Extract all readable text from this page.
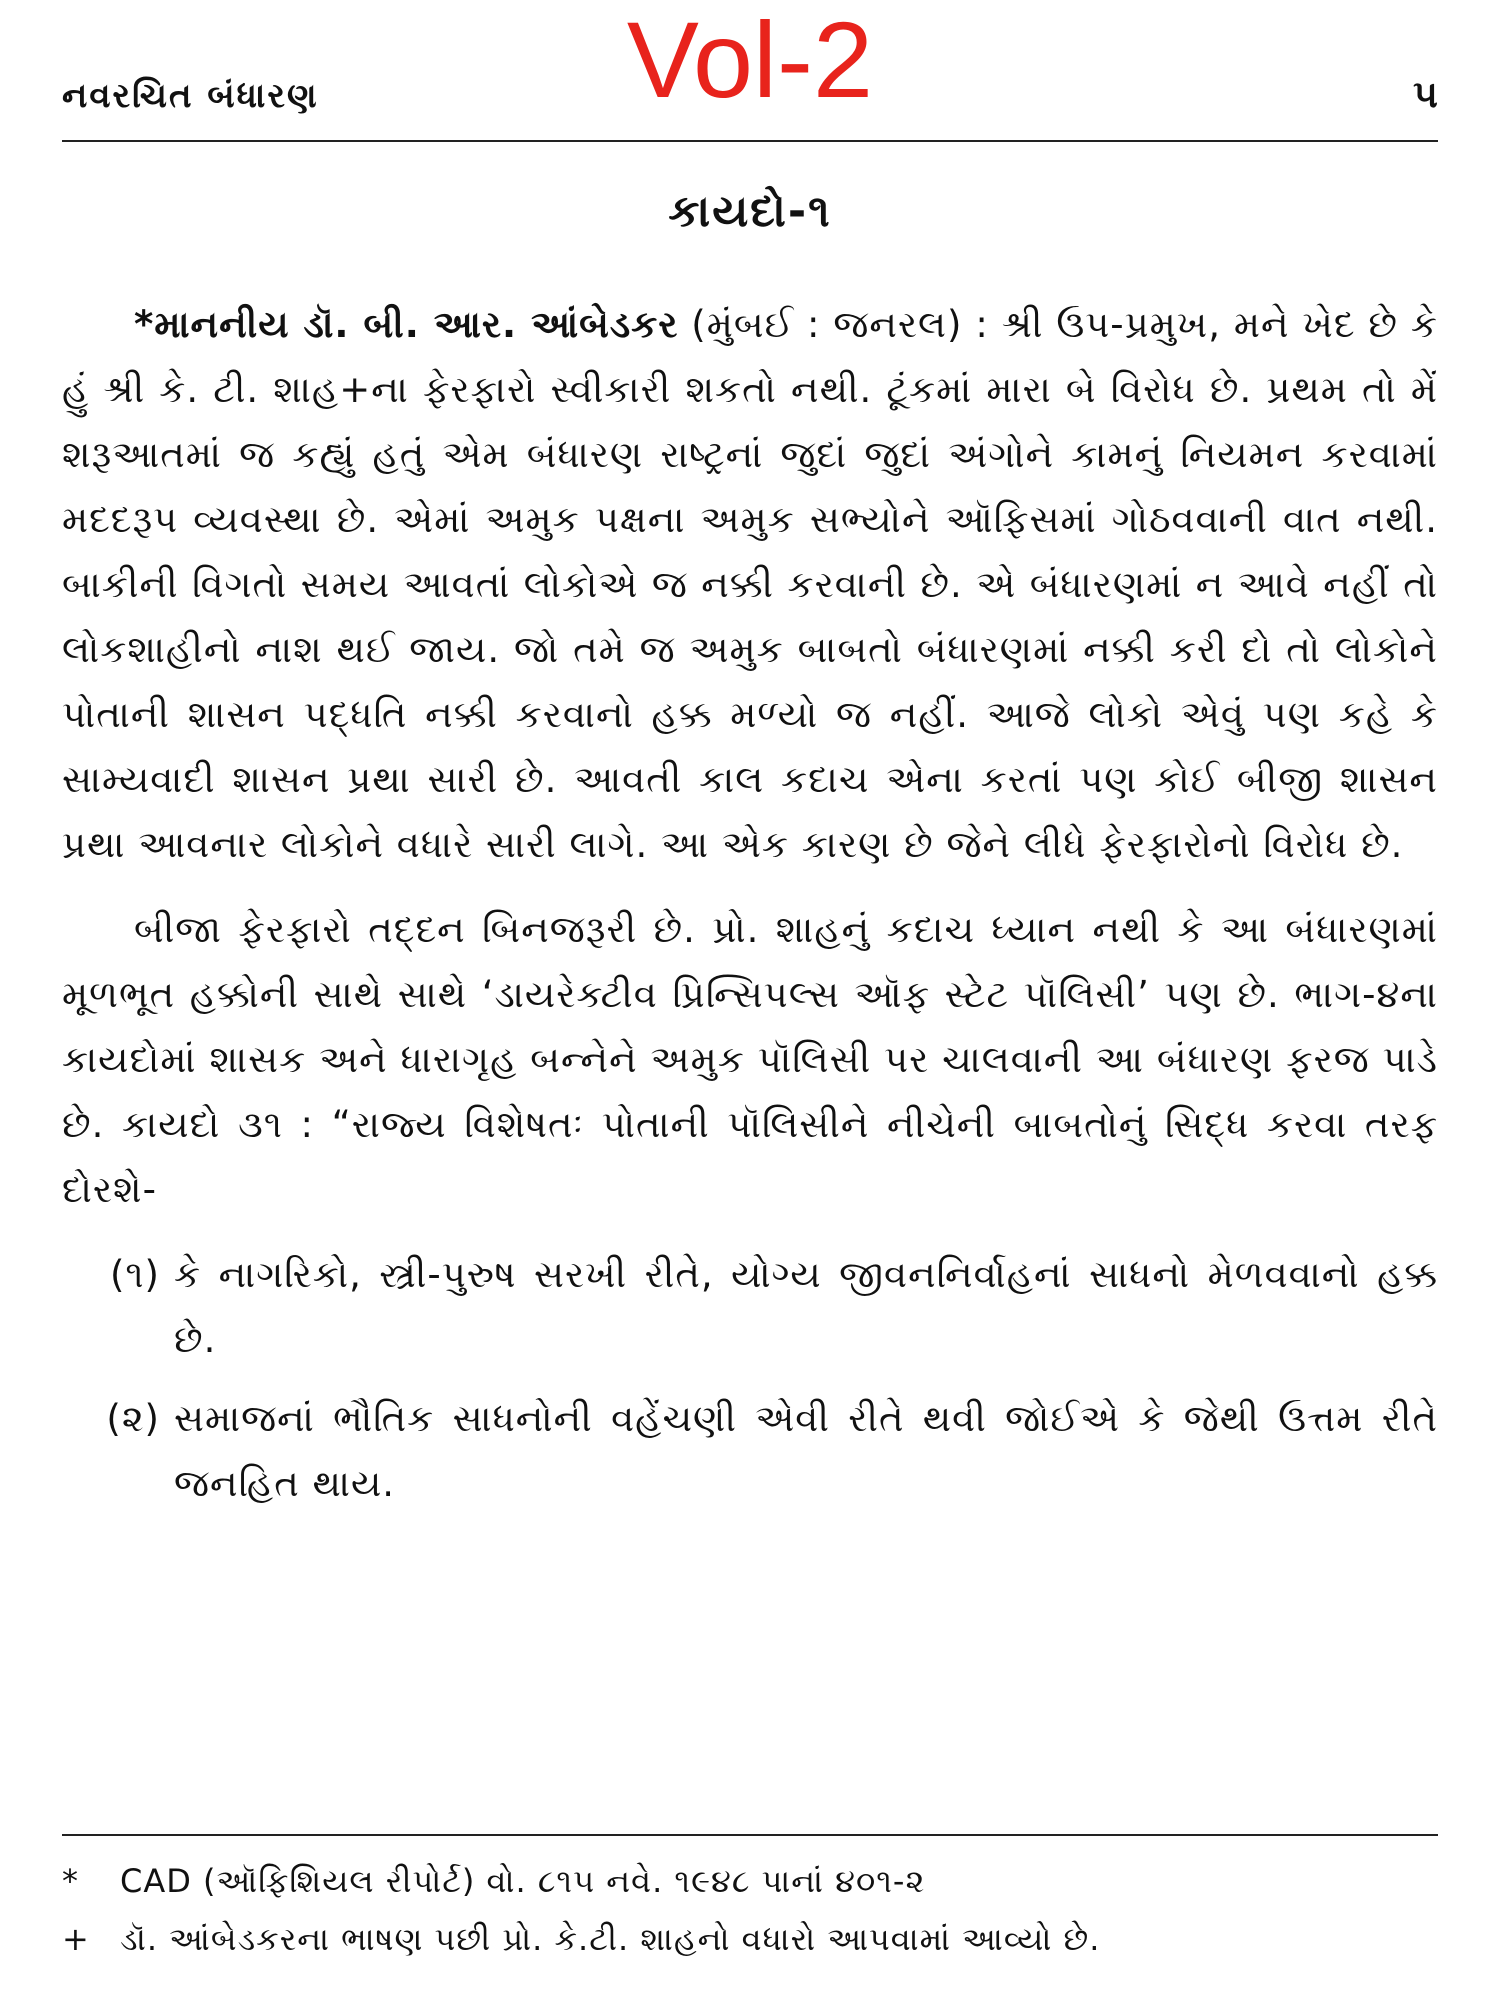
Vol-2
નવરચિત બંધારણ	૫
કાયદો-૧

*માનનીય ડૉ. બી. આર. આંબેડકર (મુંબઈ : જનરલ) : શ્રી ઉપ-પ્રમુખ, મને ખેદ છે કે હું શ્રી કે. ટી. શાહ+ના ફેરફારો સ્વીકારી શકતો નથી. ટૂંકમાં મારા બે વિરોધ છે. પ્રથમ તો મેં શરૂઆતમાં જ કહ્યું હતું એમ બંધારણ રાષ્ટ્રનાં જુદાં જુદાં અંગોને કામનું નિયમન કરવામાં મદદરૂપ વ્યવસ્થા છે. એમાં અમુક પક્ષના અમુક સભ્યોને ઑફિસમાં ગોઠવવાની વાત નથી. બાકીની વિગતો સમય આવતાં લોકોએ જ નક્કી કરવાની છે. એ બંધારણમાં ન આવે નહીં તો લોકશાહીનો નાશ થઈ જાય. જો તમે જ અમુક બાબતો બંધારણમાં નક્કી કરી દો તો લોકોને પોતાની શાસન પદ્ધતિ નક્કી કરવાનો હક્ક મળ્યો જ નહીં. આજે લોકો એવું પણ કહે કે સામ્યવાદી શાસન પ્રથા સારી છે. આવતી કાલ કદાચ એના કરતાં પણ કોઈ બીજી શાસન પ્રથા આવનાર લોકોને વધારે સારી લાગે. આ એક કારણ છે જેને લીધે ફેરફારોનો વિરોધ છે.

બીજા ફેરફારો તદ્દન બિનજરૂરી છે. પ્રો. શાહનું કદાચ ધ્યાન નથી કે આ બંધારણમાં મૂળભૂત હક્કોની સાથે સાથે ‘ડાયરેક્ટીવ પ્રિન્સિપલ્સ ઑફ સ્ટેટ પૉલિસી’ પણ છે. ભાગ-૪ના કાયદોમાં શાસક અને ધારાગૃહ બન્નેને અમુક પૉલિસી પર ચાલવાની આ બંધારણ ફરજ પાડે છે. કાયદો ૩૧ : “રાજ્ય વિશેષતઃ પોતાની પૉલિસીને નીચેની બાબતોનું સિદ્ધ કરવા તરફ દોરશે-

(૧) કે નાગરિકો, સ્ત્રી-પુરુષ સરખી રીતે, યોગ્ય જીવનનિર્વાહનાં સાધનો મેળવવાનો હક્ક છે.
(૨) સમાજનાં ભૌતિક સાધનોની વહેંચણી એવી રીતે થવી જોઈએ કે જેથી ઉત્તમ રીતે જનહિત થાય.
*	CAD (ઑફિશિયલ રીપોર્ટ) વો. ૮૧૫ નવે. ૧૯૪૮ પાનાં ૪૦૧-૨
+ ડૉ. આંબેડકરના ભાષણ પછી પ્રો. કે.ટી. શાહનો વધારો આપવામાં આવ્યો છે.
